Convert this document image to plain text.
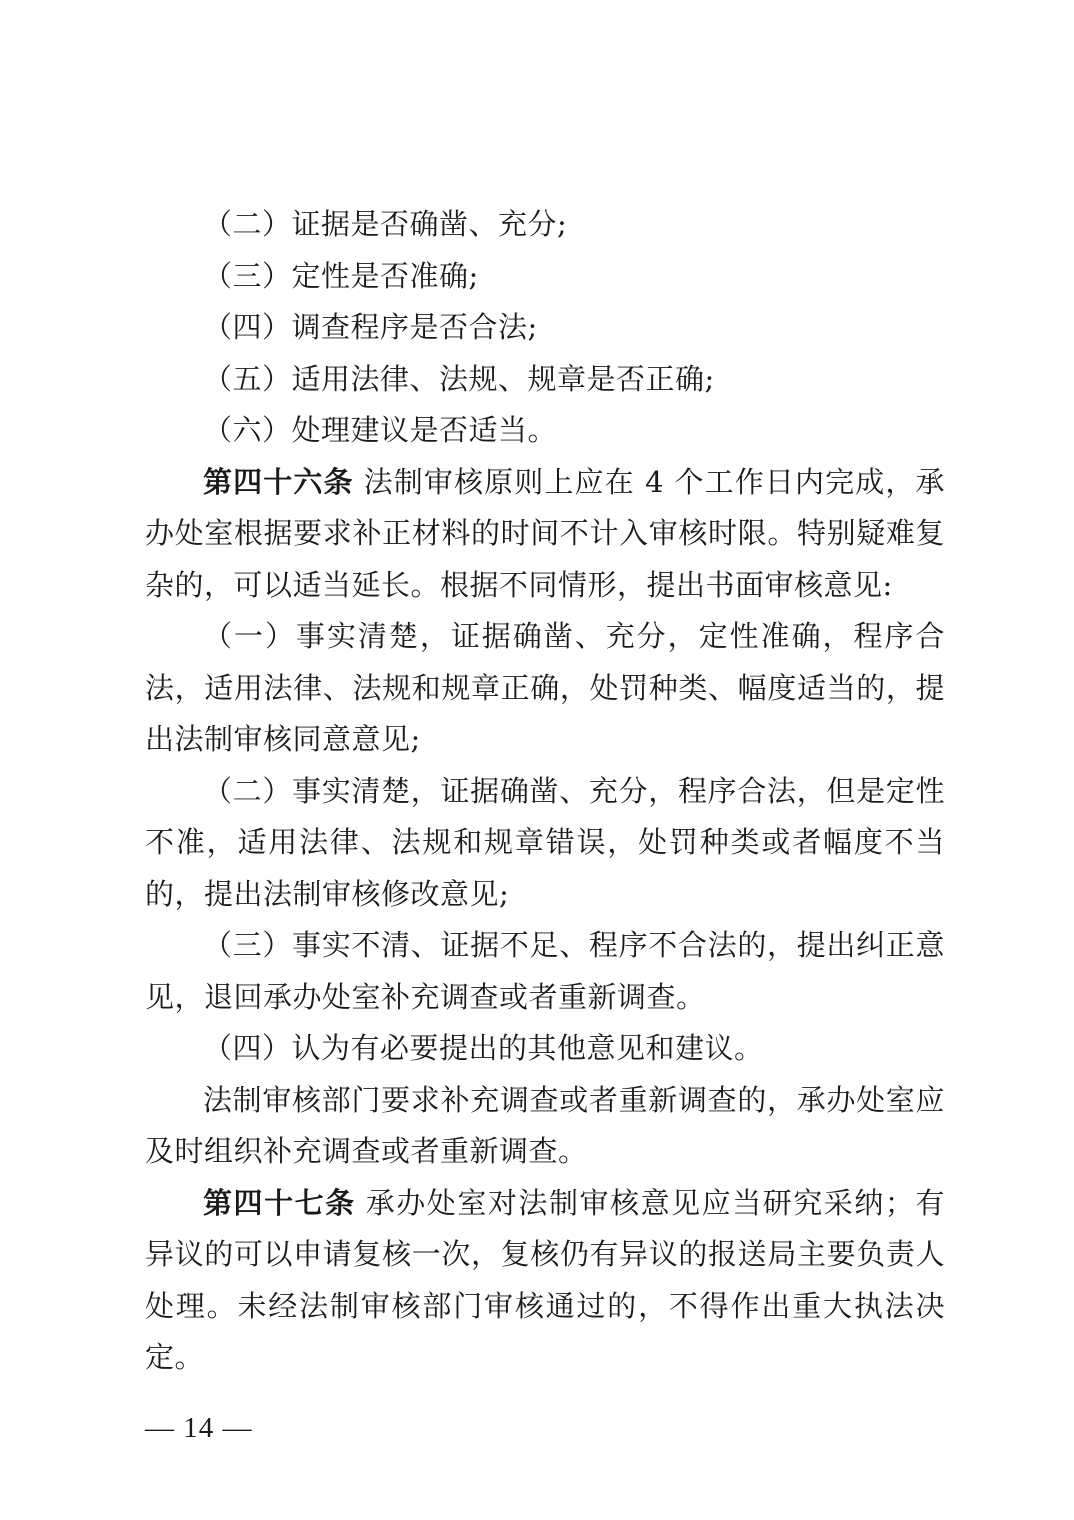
（二）证据是否确凿、充分;

（三）定性是否准确;

（四）调查程序是否合法;

（五）适用法律、法规、规章是否正确;

（六）处理建议是否适当。

第四十六条 法制审核原则上应在 4 个工作日内完成，承办处室根据要求补正材料的时间不计入审核时限。特别疑难复杂的，可以适当延长。根据不同情形，提出书面审核意见:

（一）事实清楚，证据确凿、充分，定性准确，程序合法，适用法律、法规和规章正确，处罚种类、幅度适当的，提出法制审核同意意见;

（二）事实清楚，证据确凿、充分，程序合法，但是定性不准，适用法律、法规和规章错误，处罚种类或者幅度不当的，提出法制审核修改意见;

（三）事实不清、证据不足、程序不合法的，提出纠正意见，退回承办处室补充调查或者重新调查。

（四）认为有必要提出的其他意见和建议。

法制审核部门要求补充调查或者重新调查的，承办处室应及时组织补充调查或者重新调查。

第四十七条 承办处室对法制审核意见应当研究采纳；有异议的可以申请复核一次，复核仍有异议的报送局主要负责人处理。未经法制审核部门审核通过的，不得作出重大执法决定。

— 14 —
